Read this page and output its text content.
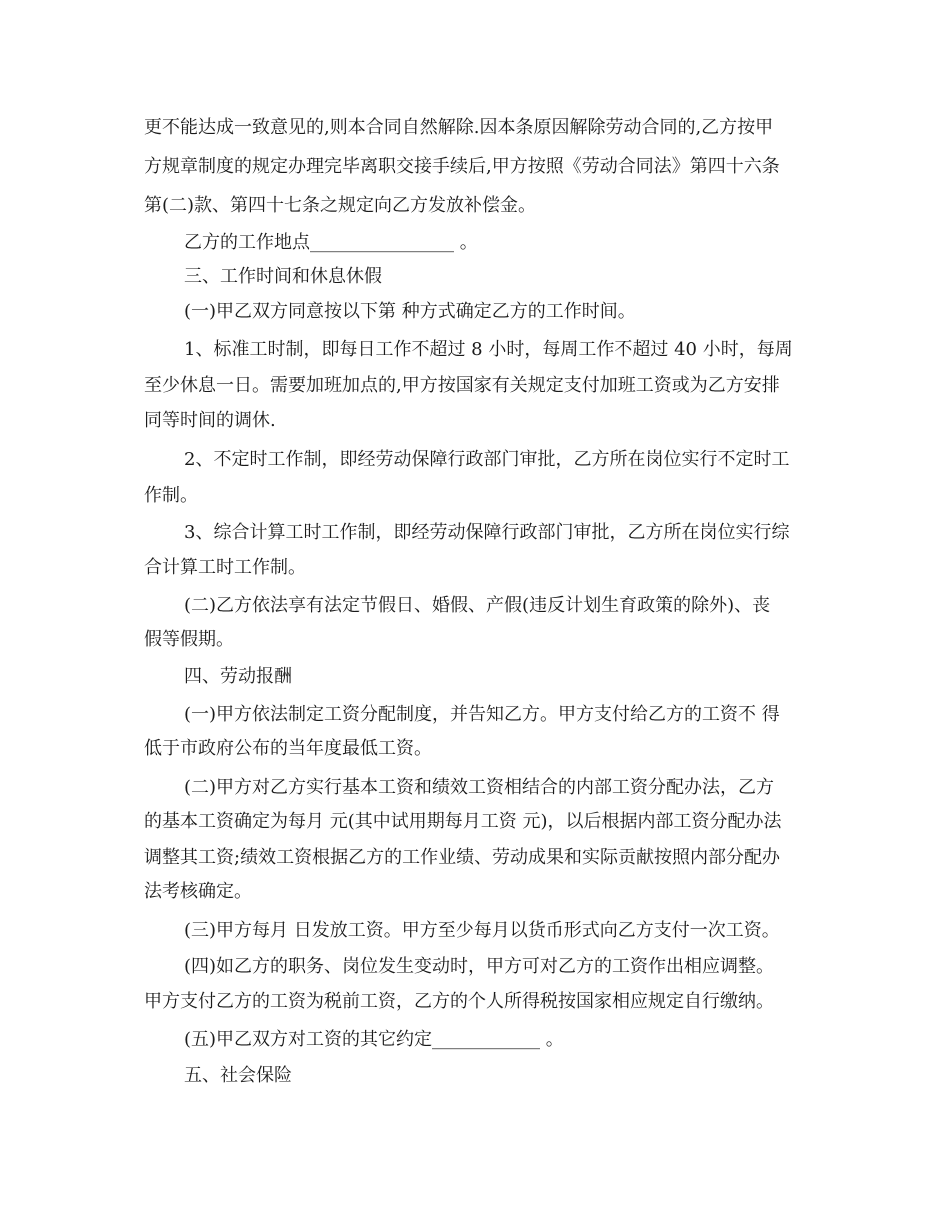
更不能达成一致意见的,则本合同自然解除.因本条原因解除劳动合同的,乙方按甲
方规章制度的规定办理完毕离职交接手续后,甲方按照《劳动合同法》第四十六条
第(二)款、第四十七条之规定向乙方发放补偿金。
乙方的工作地点________________ 。
三、工作时间和休息休假
(一)甲乙双方同意按以下第 种方式确定乙方的工作时间。
1、标准工时制，即每日工作不超过 8 小时，每周工作不超过 40 小时，每周
至少休息一日。需要加班加点的,甲方按国家有关规定支付加班工资或为乙方安排
同等时间的调休.
2、不定时工作制，即经劳动保障行政部门审批，乙方所在岗位实行不定时工
作制。
3、综合计算工时工作制，即经劳动保障行政部门审批，乙方所在岗位实行综
合计算工时工作制。
(二)乙方依法享有法定节假日、婚假、产假(违反计划生育政策的除外)、丧
假等假期。
四、劳动报酬
(一)甲方依法制定工资分配制度，并告知乙方。甲方支付给乙方的工资不 得
低于市政府公布的当年度最低工资。
(二)甲方对乙方实行基本工资和绩效工资相结合的内部工资分配办法，乙方
的基本工资确定为每月 元(其中试用期每月工资 元)，以后根据内部工资分配办法
调整其工资;绩效工资根据乙方的工作业绩、劳动成果和实际贡献按照内部分配办
法考核确定。
(三)甲方每月 日发放工资。甲方至少每月以货币形式向乙方支付一次工资。
(四)如乙方的职务、岗位发生变动时，甲方可对乙方的工资作出相应调整。
甲方支付乙方的工资为税前工资，乙方的个人所得税按国家相应规定自行缴纳。
(五)甲乙双方对工资的其它约定____________ 。
五、社会保险
